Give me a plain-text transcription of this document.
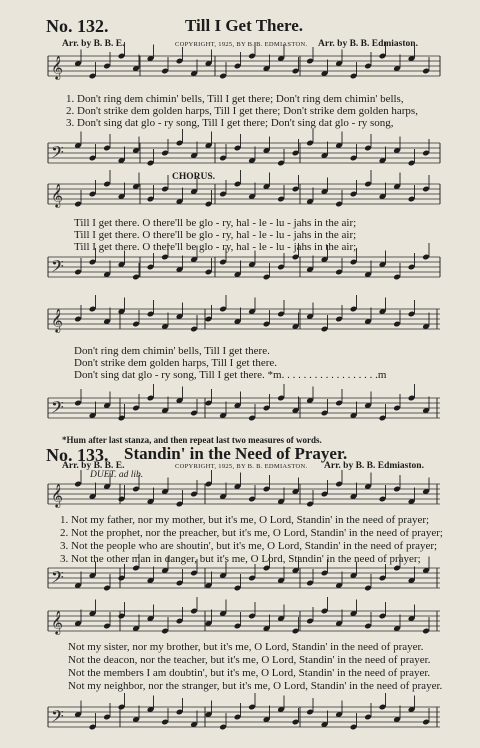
𝄞
𝄢
𝄞
𝄢
𝄞
𝄢
𝄞
𝄢
𝄞
𝄢
No. 132.	Till I Get There.
Arr. by B. B. E.	COPYRIGHT, 1925, BY B. B. EDMIASTON. Arr. by B. B. Edmiaston.
1. Don't ring dem chimin' bells, Till I get there; Don't ring dem chimin' bells,
2. Don't strike dem golden harps, Till I get there; Don't strike dem golden harps,
3. Don't sing dat glo - ry song, Till I get there; Don't sing dat glo - ry song,
CHORUS.
Till I get there. O there'll be glo - ry, hal - le - lu - jahs in the air;
Till I get there. O there'll be glo - ry, hal - le - lu - jahs in the air;
Till I get there. O there'll be glo - ry, hal - le - lu - jahs in the air;
Don't ring dem chimin' bells, Till I get there.
Don't strike dem golden harps, Till I get there.
Don't sing dat glo - ry song, Till I get there. *m. . . . . . . . . . . . . . . . . .m
*Hum after last stanza, and then repeat last two measures of words.
No. 133. Standin' in the Need of Prayer.
Arr. by B. B. E.	COPYRIGHT, 1925, BY B. B. EDMIASTON. Arr. by B. B. Edmiaston.
DUET. ad lib.
1. Not my father, nor my mother, but it's me, O Lord, Standin' in the need of prayer;
2. Not the prophet, nor the preacher, but it's me, O Lord, Standin' in the need of prayer;
3. Not the people who are shoutin', but it's me, O Lord, Standin' in the need of prayer;
3. Not the other man in danger, but it's me, O Lord, Standin' in the need of prayer;
Not my sister, nor my brother, but it's me, O Lord, Standin' in the need of prayer.
Not the deacon, nor the teacher, but it's me, O Lord, Standin' in the need of prayer.
Not the members I am doubtin', but it's me, O Lord, Standin' in the need of prayer.
Not my neighbor, nor the stranger, but it's me, O Lord, Standin' in the need of prayer.
